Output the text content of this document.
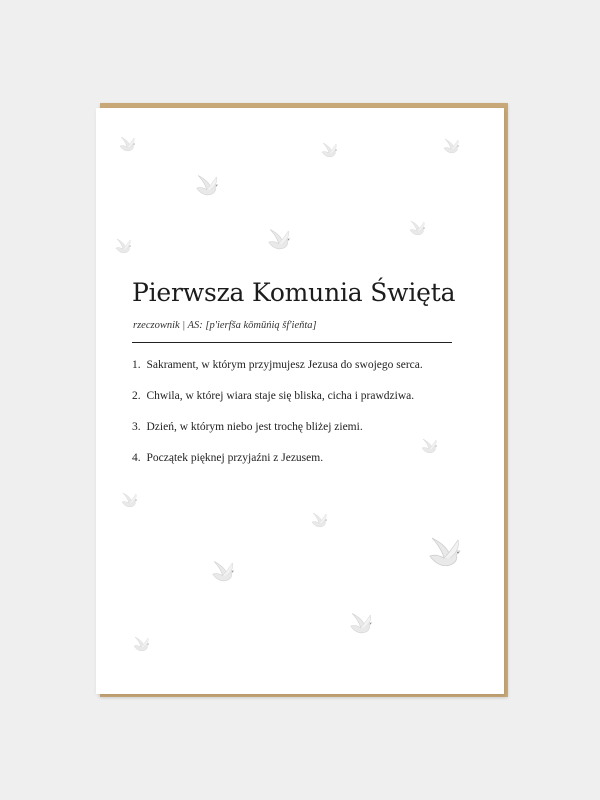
Pierwsza Komunia Święta
rzeczownik | AS: [p'ierfša kōmūńią šf'ieňta]
1. Sakrament, w którym przyjmujesz Jezusa do swojego serca.
2. Chwila, w której wiara staje się bliska, cicha i prawdziwa.
3. Dzień, w którym niebo jest trochę bliżej ziemi.
4. Początek pięknej przyjaźni z Jezusem.
